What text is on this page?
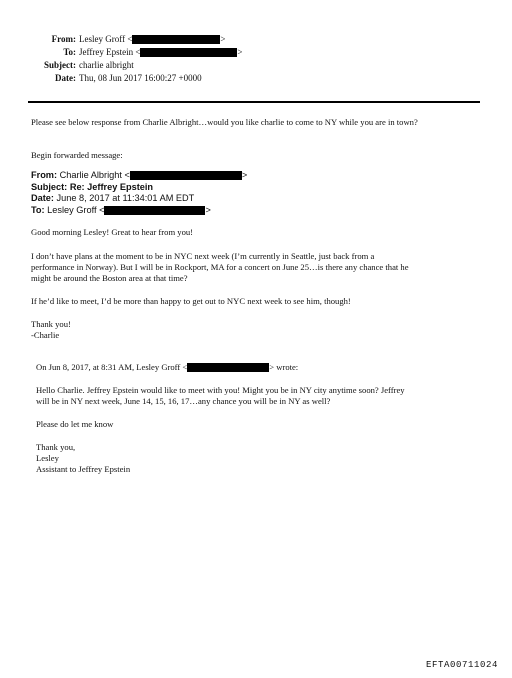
From: Lesley Groff <	>
To: Jeffrey Epstein <	>
Subject: charlie albright
Date: Thu, 08 Jun 2017 16:00:27 +0000
Please see below response from Charlie Albright…would you like charlie to come to NY while you are in town?
Begin forwarded message:
From:
Charlie Albright <	>
Subject:
Re: Jeffrey Epstein
Date:
June 8, 2017 at 11:34:01 AM EDT
To:
Lesley Groff <	>
Good morning Lesley! Great to hear from you!
I don’t have plans at the moment to be in NYC next week (I’m currently in Seattle, just back from a
performance in Norway). But I will be in Rockport, MA for a concert on June 25…is there any chance that he
might be around the Boston area at that time?
If he’d like to meet, I’d be more than happy to get out to NYC next week to see him, though!
Thank you!
-Charlie
On Jun 8, 2017, at 8:31 AM, Lesley Groff <	> wrote:
Hello Charlie. Jeffrey Epstein would like to meet with you! Might you be in NY city anytime soon? Jeffrey
will be in NY next week, June 14, 15, 16, 17…any chance you will be in NY as well?
Please do let me know
Thank you,
Lesley
Assistant to Jeffrey Epstein
EFTA00711024
